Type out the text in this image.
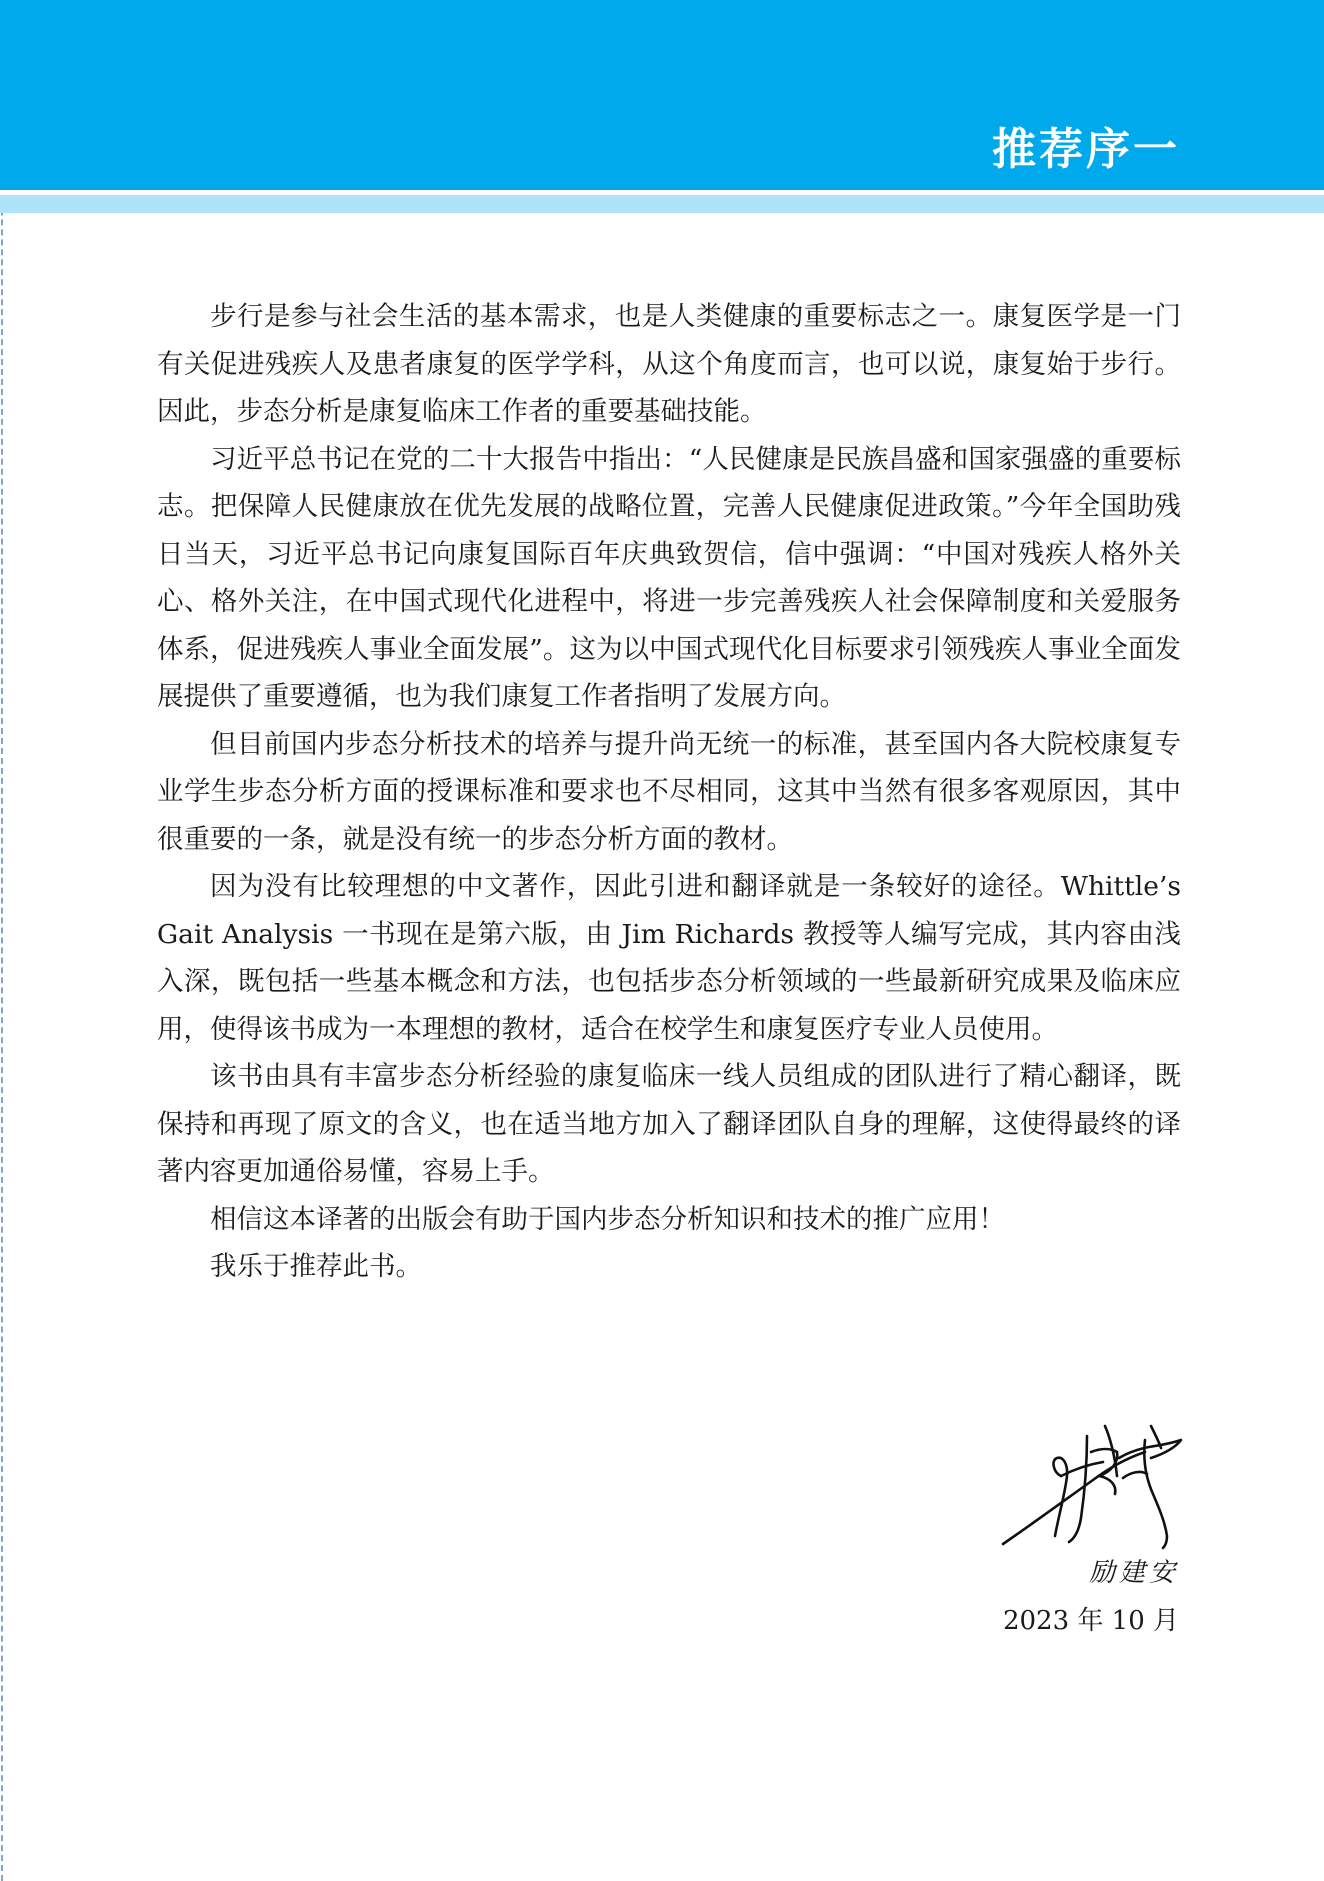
推荐序一

步行是参与社会生活的基本需求，也是人类健康的重要标志之一。康复医学是一门有关促进残疾人及患者康复的医学学科，从这个角度而言，也可以说，康复始于步行。因此，步态分析是康复临床工作者的重要基础技能。

习近平总书记在党的二十大报告中指出：“人民健康是民族昌盛和国家强盛的重要标志。把保障人民健康放在优先发展的战略位置，完善人民健康促进政策。”今年全国助残日当天，习近平总书记向康复国际百年庆典致贺信，信中强调：“中国对残疾人格外关心、格外关注，在中国式现代化进程中，将进一步完善残疾人社会保障制度和关爱服务体系，促进残疾人事业全面发展”。这为以中国式现代化目标要求引领残疾人事业全面发展提供了重要遵循，也为我们康复工作者指明了发展方向。

但目前国内步态分析技术的培养与提升尚无统一的标准，甚至国内各大院校康复专业学生步态分析方面的授课标准和要求也不尽相同，这其中当然有很多客观原因，其中很重要的一条，就是没有统一的步态分析方面的教材。

因为没有比较理想的中文著作，因此引进和翻译就是一条较好的途径。Whittle’s Gait Analysis 一书现在是第六版，由 Jim Richards 教授等人编写完成，其内容由浅入深，既包括一些基本概念和方法，也包括步态分析领域的一些最新研究成果及临床应用，使得该书成为一本理想的教材，适合在校学生和康复医疗专业人员使用。

该书由具有丰富步态分析经验的康复临床一线人员组成的团队进行了精心翻译，既保持和再现了原文的含义，也在适当地方加入了翻译团队自身的理解，这使得最终的译著内容更加通俗易懂，容易上手。

相信这本译著的出版会有助于国内步态分析知识和技术的推广应用！

我乐于推荐此书。

励建安
2023 年 10 月
